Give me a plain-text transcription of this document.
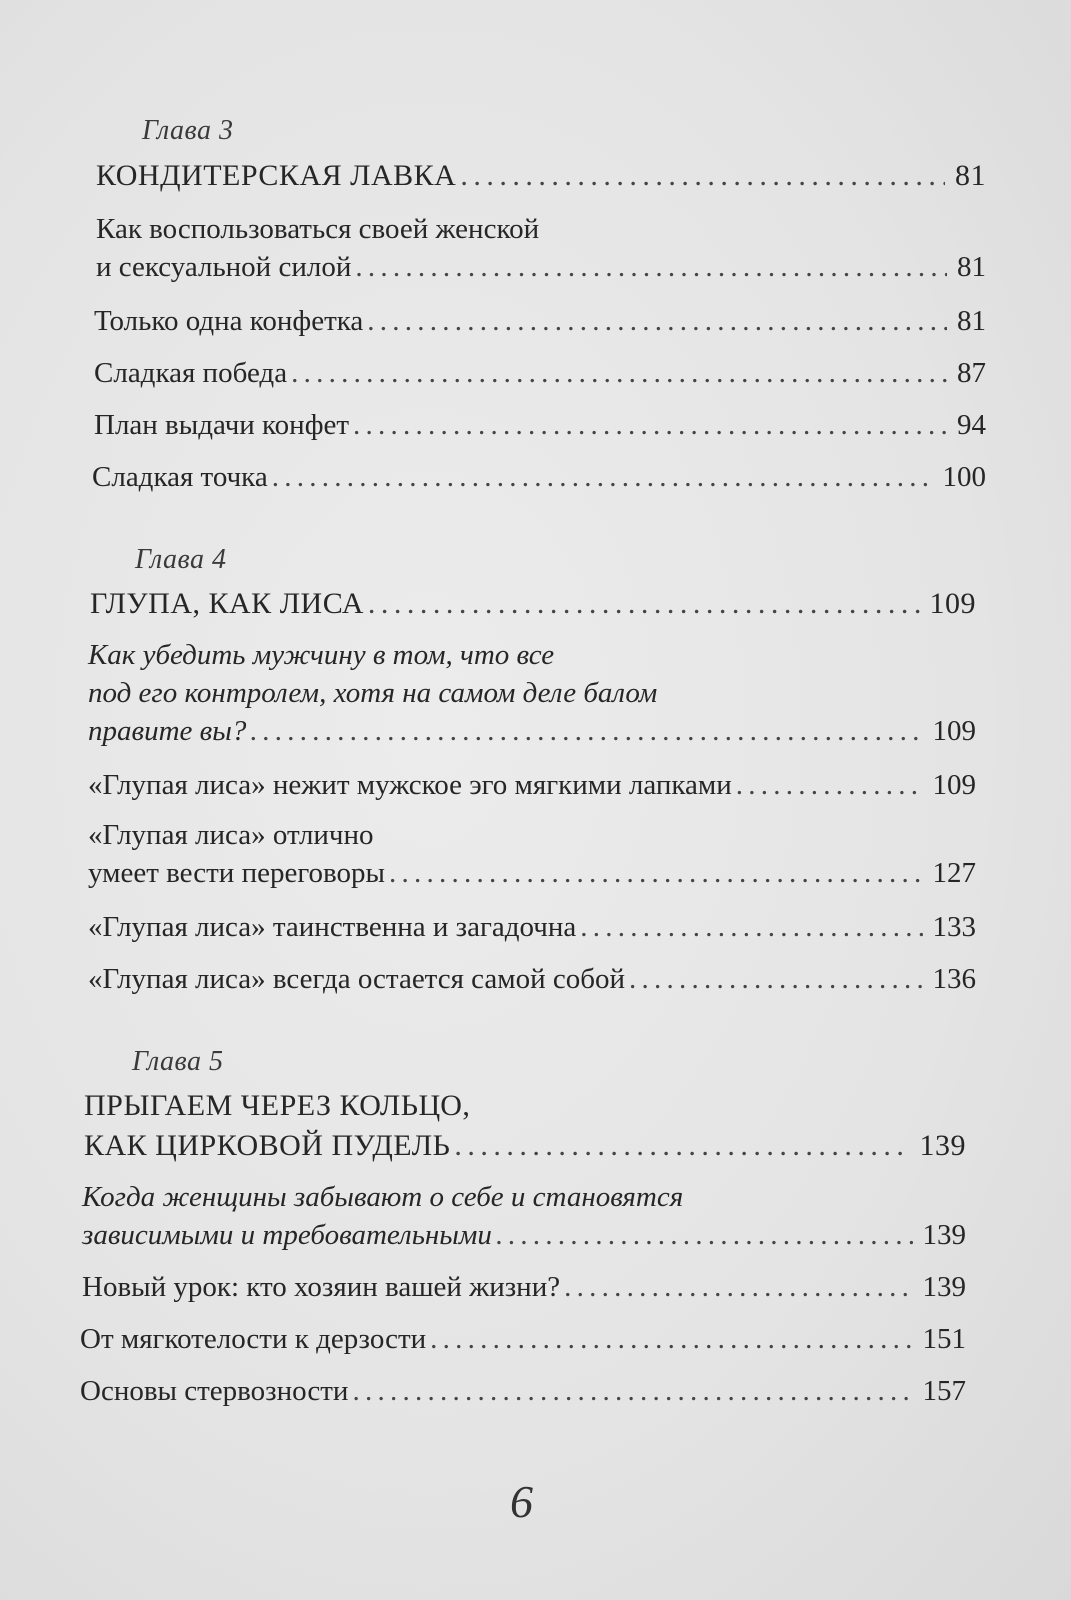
Глава 3
КОНДИТЕРСКАЯ ЛАВКА . . .	81
Как воспользоваться своей женской
и сексуальной силой . . .	81
Только одна конфетка . . .	81
Сладкая победа . . .	87
План выдачи конфет . . .	94
Сладкая точка . . .	100
Глава 4
ГЛУПА, КАК ЛИСА . . .	109
Как убедить мужчину в том, что все
под его контролем, хотя на самом деле балом
правите вы? . . .	109
«Глупая лиса» нежит мужское эго мягкими лапками . . .	109
«Глупая лиса» отлично
умеет вести переговоры . . .	127
«Глупая лиса» таинственна и загадочна . . .	133
«Глупая лиса» всегда остается самой собой . . .	136
Глава 5
ПРЫГАЕМ ЧЕРЕЗ КОЛЬЦО,
КАК ЦИРКОВОЙ ПУДЕЛЬ . . .	139
Когда женщины забывают о себе и становятся
зависимыми и требовательными . . .	139
Новый урок: кто хозяин вашей жизни? . . .	139
От мягкотелости к дерзости . . .	151
Основы стервозности . . .	157
6
